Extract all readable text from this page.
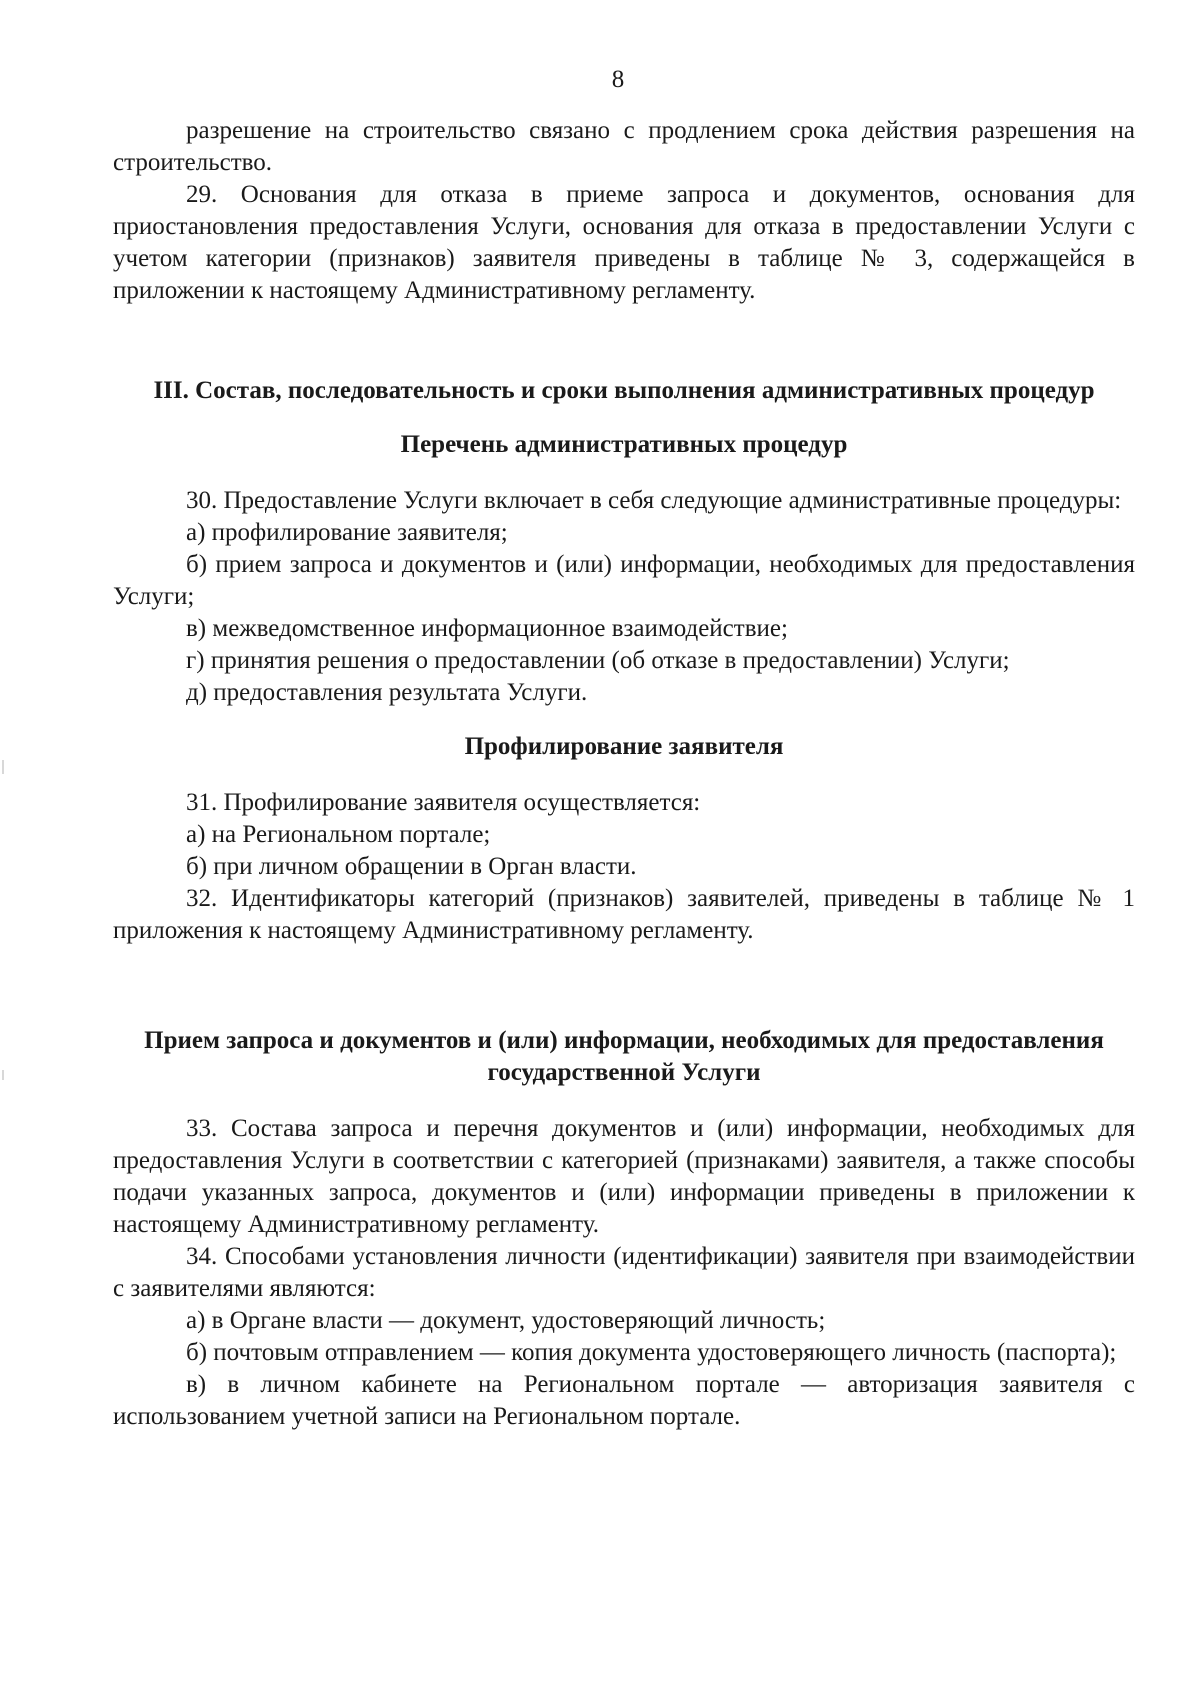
8

разрешение на строительство связано с продлением срока действия разрешения на строительство.

29. Основания для отказа в приеме запроса и документов, основания для приостановления предоставления Услуги, основания для отказа в предоставлении Услуги с учетом категории (признаков) заявителя приведены в таблице № 3, содержащейся в приложении к настоящему Административному регламенту.

III. Состав, последовательность и сроки выполнения административных процедур
Перечень административных процедур

30. Предоставление Услуги включает в себя следующие административные процедуры:

а) профилирование заявителя;

б) прием запроса и документов и (или) информации, необходимых для предоставления Услуги;

в) межведомственное информационное взаимодействие;

г) принятия решения о предоставлении (об отказе в предоставлении) Услуги;

д) предоставления результата Услуги.

Профилирование заявителя

31. Профилирование заявителя осуществляется:

а) на Региональном портале;

б) при личном обращении в Орган власти.

32. Идентификаторы категорий (признаков) заявителей, приведены в таблице № 1 приложения к настоящему Административному регламенту.

Прием запроса и документов и (или) информации, необходимых для предоставления государственной Услуги

33. Состава запроса и перечня документов и (или) информации, необходимых для предоставления Услуги в соответствии с категорией (признаками) заявителя, а также способы подачи указанных запроса, документов и (или) информации приведены в приложении к настоящему Административному регламенту.

34. Способами установления личности (идентификации) заявителя при взаимодействии с заявителями являются:

а) в Органе власти — документ, удостоверяющий личность;

б) почтовым отправлением — копия документа удостоверяющего личность (паспорта);

в) в личном кабинете на Региональном портале — авторизация заявителя с использованием учетной записи на Региональном портале.
